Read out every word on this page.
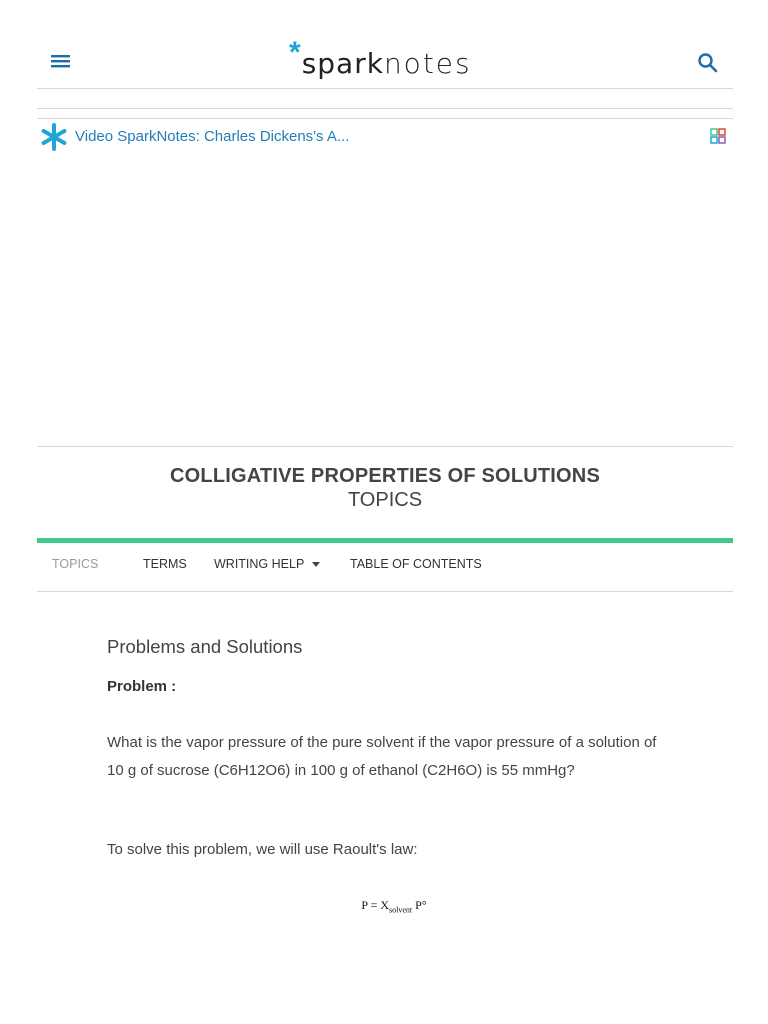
* spark notes
Video SparkNotes: Charles Dickens's A...
COLLIGATIVE PROPERTIES OF SOLUTIONS
TOPICS
TOPICS	TERMS WRITING HELP	TABLE OF CONTENTS
Problems and Solutions
Problem :
What is the vapor pressure of the pure solvent if the vapor pressure of a solution of 10 g of sucrose (C6H12O6) in 100 g of ethanol (C2H6O) is 55 mmHg?
To solve this problem, we will use Raoult's law:
$P = X_{solvent}$ P°
